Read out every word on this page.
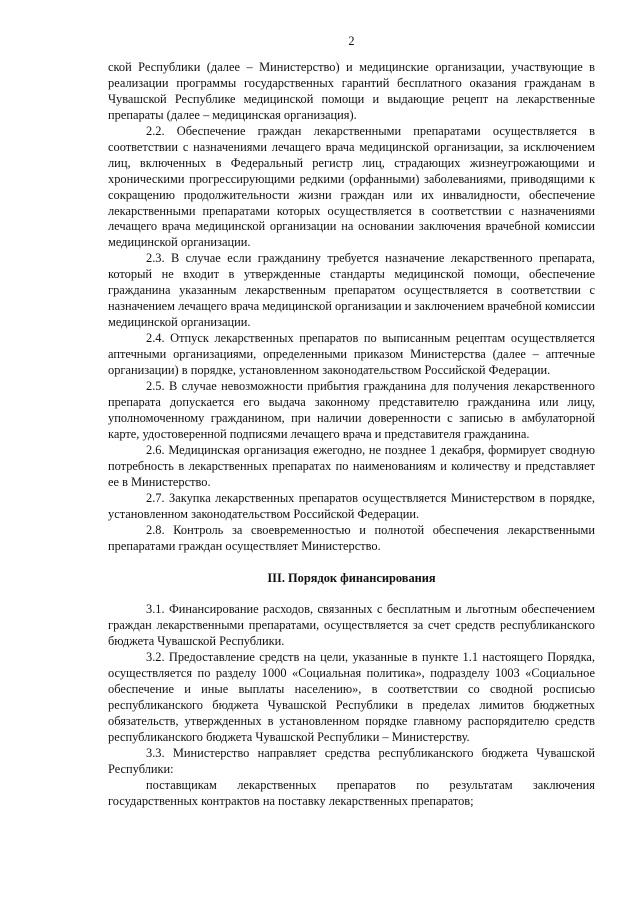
2

ской Республики (далее – Министерство) и медицинские организации, участвующие в реализации программы государственных гарантий бесплатного оказания гражданам в Чувашской Республике медицинской помощи и выдающие рецепт на лекарственные препараты (далее – медицинская организация).

2.2. Обеспечение граждан лекарственными препаратами осуществляется в соответствии с назначениями лечащего врача медицинской организации, за исключением лиц, включенных в Федеральный регистр лиц, страдающих жизнеугрожающими и хроническими прогрессирующими редкими (орфанными) заболеваниями, приводящими к сокращению продолжительности жизни граждан или их инвалидности, обеспечение лекарственными препаратами которых осуществляется в соответствии с назначениями лечащего врача медицинской организации на основании заключения врачебной комиссии медицинской организации.

2.3. В случае если гражданину требуется назначение лекарственного препарата, который не входит в утвержденные стандарты медицинской помощи, обеспечение гражданина указанным лекарственным препаратом осуществляется в соответствии с назначением лечащего врача медицинской организации и заключением врачебной комиссии медицинской организации.

2.4. Отпуск лекарственных препаратов по выписанным рецептам осуществляется аптечными организациями, определенными приказом Министерства (далее – аптечные организации) в порядке, установленном законодательством Российской Федерации.

2.5. В случае невозможности прибытия гражданина для получения лекарственного препарата допускается его выдача законному представителю гражданина или лицу, уполномоченному гражданином, при наличии доверенности с записью в амбулаторной карте, удостоверенной подписями лечащего врача и представителя гражданина.

2.6. Медицинская организация ежегодно, не позднее 1 декабря, формирует сводную потребность в лекарственных препаратах по наименованиям и количеству и представляет ее в Министерство.

2.7. Закупка лекарственных препаратов осуществляется Министерством в порядке, установленном законодательством Российской Федерации.

2.8. Контроль за своевременностью и полнотой обеспечения лекарственными препаратами граждан осуществляет Министерство.

III. Порядок финансирования

3.1. Финансирование расходов, связанных с бесплатным и льготным обеспечением граждан лекарственными препаратами, осуществляется за счет средств республиканского бюджета Чувашской Республики.

3.2. Предоставление средств на цели, указанные в пункте 1.1 настоящего Порядка, осуществляется по разделу 1000 «Социальная политика», подразделу 1003 «Социальное обеспечение и иные выплаты населению», в соответствии со сводной росписью республиканского бюджета Чувашской Республики в пределах лимитов бюджетных обязательств, утвержденных в установленном порядке главному распорядителю средств республиканского бюджета Чувашской Республики – Министерству.

3.3. Министерство направляет средства республиканского бюджета Чувашской Республики:

поставщикам лекарственных препаратов по результатам заключения государственных контрактов на поставку лекарственных препаратов;
